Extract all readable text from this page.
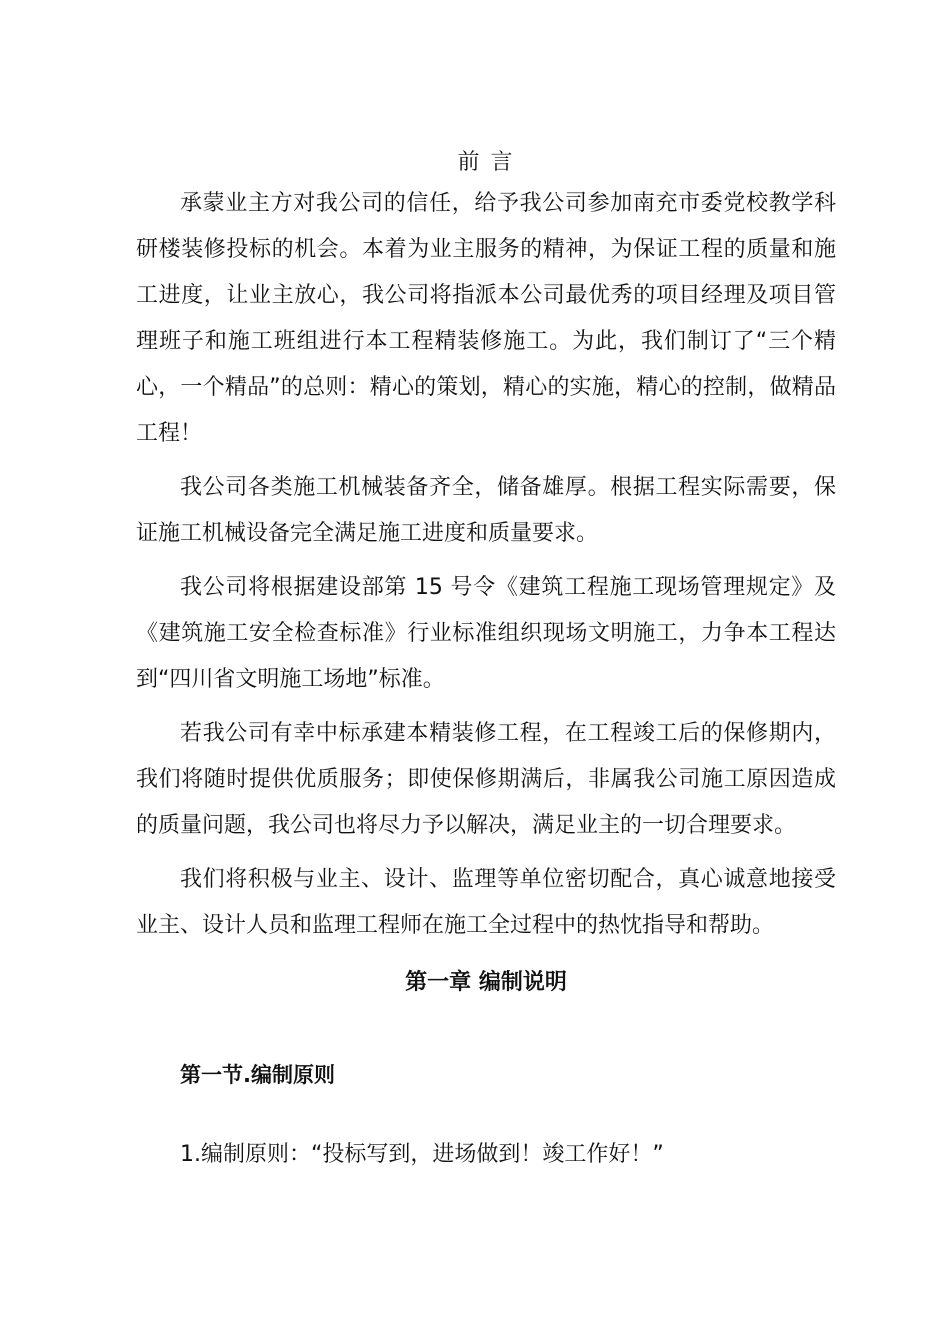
前 言

承蒙业主方对我公司的信任，给予我公司参加南充市委党校教学科研楼装修投标的机会。本着为业主服务的精神，为保证工程的质量和施工进度，让业主放心，我公司将指派本公司最优秀的项目经理及项目管理班子和施工班组进行本工程精装修施工。为此，我们制订了“三个精心，一个精品”的总则：精心的策划，精心的实施，精心的控制，做精品工程！

我公司各类施工机械装备齐全，储备雄厚。根据工程实际需要，保证施工机械设备完全满足施工进度和质量要求。

我公司将根据建设部第 15 号令《建筑工程施工现场管理规定》及《建筑施工安全检查标准》行业标准组织现场文明施工，力争本工程达到“四川省文明施工场地”标准。

若我公司有幸中标承建本精装修工程，在工程竣工后的保修期内，我们将随时提供优质服务；即使保修期满后，非属我公司施工原因造成的质量问题，我公司也将尽力予以解决，满足业主的一切合理要求。

我们将积极与业主、设计、监理等单位密切配合，真心诚意地接受业主、设计人员和监理工程师在施工全过程中的热忱指导和帮助。

第一章 编制说明
第一节.编制原则
1.编制原则：“投标写到，进场做到！竣工作好！”
